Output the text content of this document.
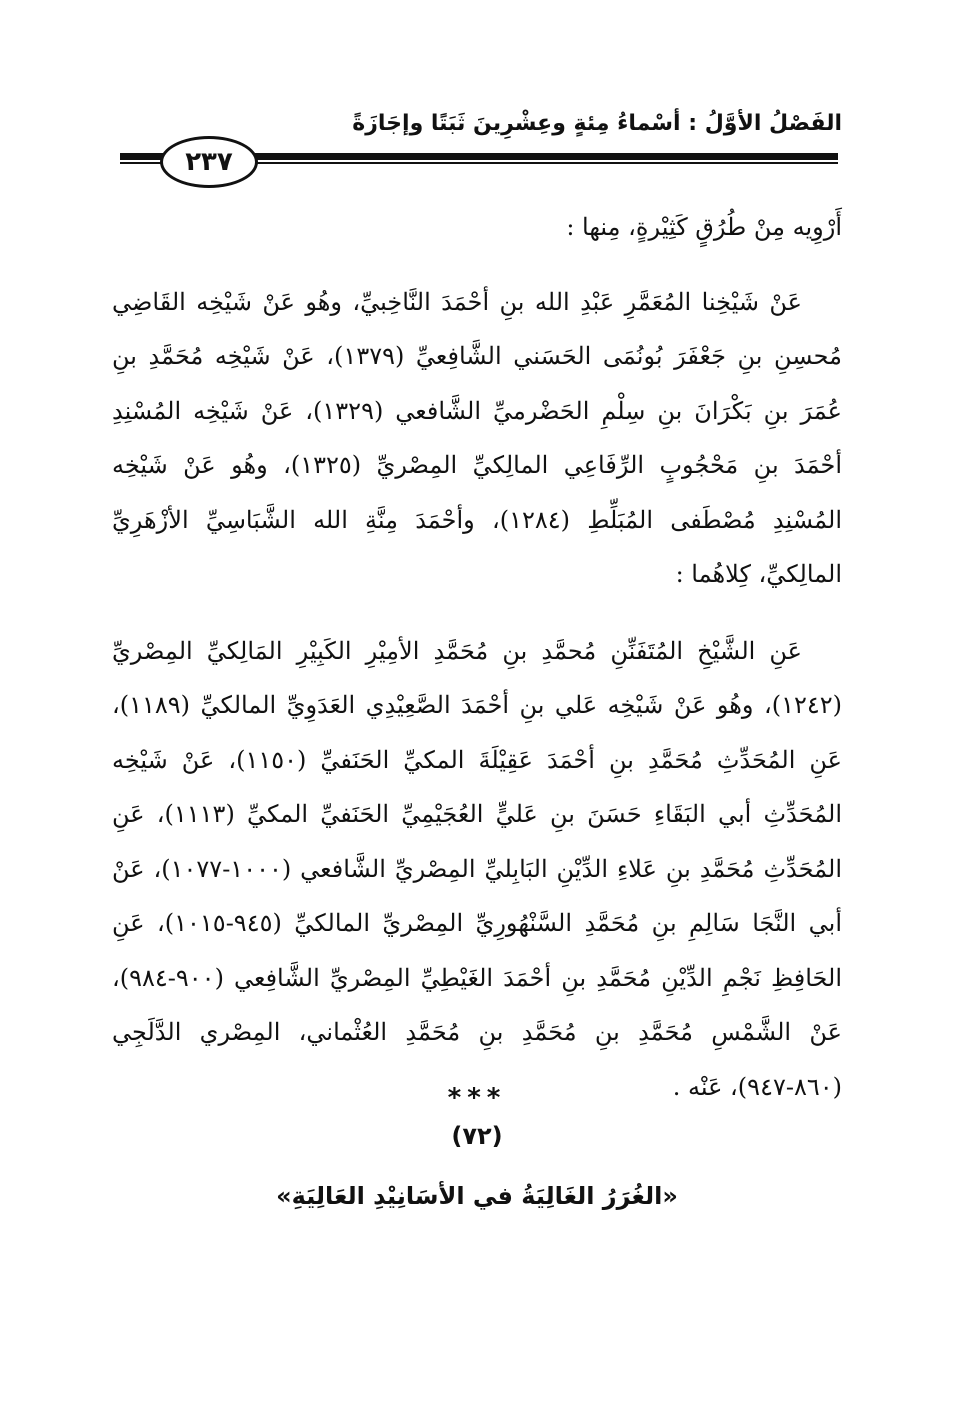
الفَصْلُ الأوَّلُ : أسْماءُ مِئةٍ وعِشْرِينَ ثَبَتًا وإجَازَةً
٢٣٧

أَرْوِيه مِنْ طُرُقٍ كَثِيْرةٍ، مِنها :

عَنْ شَيْخِنا المُعَمَّرِ عَبْدِ الله بنِ أحْمَدَ النَّاخِبيِّ، وهُو عَنْ شَيْخِه القَاضِي مُحسِنِ بنِ جَعْفَرَ بُونُمَى الحَسَني الشَّافِعيِّ (١٣٧٩)، عَنْ شَيْخِه مُحَمَّدِ بنِ عُمَرَ بنِ بَكْرَانَ بنِ سِلْمِ الحَضْرميِّ الشَّافعي (١٣٢٩)، عَنْ شَيْخِه المُسْنِدِ أحْمَدَ بنِ مَحْجُوبٍ الرِّفَاعِي المالِكيِّ المِصْريِّ (١٣٢٥)، وهُو عَنْ شَيْخِه المُسْنِدِ مُصْطَفى المُبَلِّطِ (١٢٨٤)، وأحْمَدَ مِنَّةِ الله الشَّبَاسِيِّ الأزْهَرِيِّ المالِكيِّ، كِلاهُما :

عَنِ الشَّيْخِ المُتَفَنِّنِ مُحمَّدِ بنِ مُحَمَّدِ الأمِيْرِ الكَبِيْرِ المَالِكيِّ المِصْريِّ (١٢٤٢)، وهُو عَنْ شَيْخِه عَلي بنِ أحْمَدَ الصَّعِيْدِي العَدَوِيِّ المالكيِّ (١١٨٩)، عَنِ المُحَدِّثِ مُحَمَّدِ بنِ أحْمَدَ عَقِيْلَةَ المكيِّ الحَنَفيِّ (١١٥٠)، عَنْ شَيْخِه المُحَدِّثِ أبي البَقَاءِ حَسَنَ بنِ عَليٍّ العُجَيْمِيِّ الحَنَفيِّ المكيِّ (١١١٣)، عَنِ المُحَدِّثِ مُحَمَّدِ بنِ عَلاءِ الدِّيْنِ البَابِليِّ المِصْريِّ الشَّافعي (١٠٠٠-١٠٧٧)، عَنْ أبي النَّجَا سَالِمِ بنِ مُحَمَّدِ السَّنْهُورِيِّ المِصْريِّ المالكيِّ (٩٤٥-١٠١٥)، عَنِ الحَافِظِ نَجْمِ الدِّيْنِ مُحَمَّدِ بنِ أحْمَدَ الغَيْطِيِّ المِصْريِّ الشَّافِعي (٩٠٠-٩٨٤)، عَنْ الشَّمْسِ مُحَمَّدِ بنِ مُحَمَّدِ بنِ مُحَمَّدِ العُثْماني، المِصْري الدَّلَجِي (٨٦٠-٩٤٧)، عَنْه .

***
(٧٢)
«الغُرَرُ الغَالِيَةُ في الأسَانِيْدِ العَالِيَةِ»
